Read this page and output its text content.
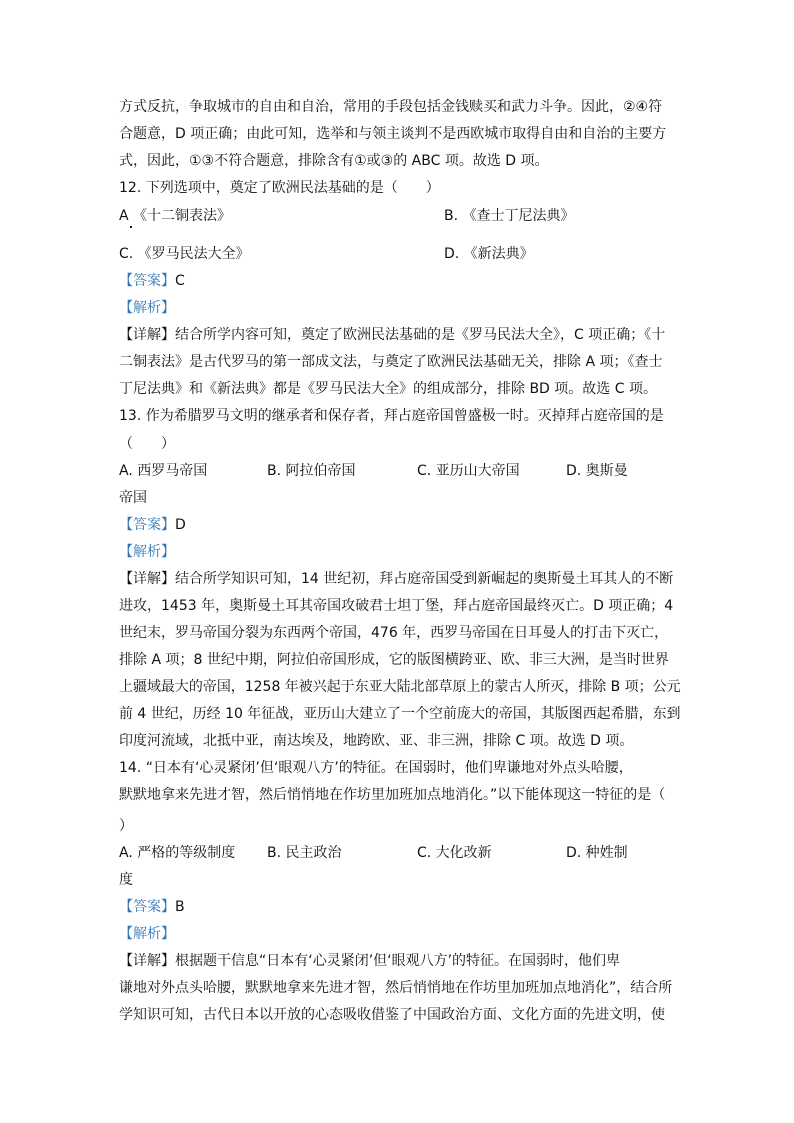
方式反抗，争取城市的自由和自治，常用的手段包括金钱赎买和武力斗争。因此，②④符
合题意，D 项正确；由此可知，选举和与领主谈判不是西欧城市取得自由和自治的主要方
式，因此，①③不符合题意，排除含有①或③的 ABC 项。故选 D 项。
12. 下列选项中，奠定了欧洲民法基础的是（　　）
A 《十二铜表法》	B. 《查士丁尼法典》
C. 《罗马民法大全》	D. 《新法典》
【答案】C
【解析】
【详解】结合所学内容可知，奠定了欧洲民法基础的是《罗马民法大全》，C 项正确；《十
二铜表法》是古代罗马的第一部成文法，与奠定了欧洲民法基础无关，排除 A 项；《查士
丁尼法典》和《新法典》都是《罗马民法大全》的组成部分，排除 BD 项。故选 C 项。
13. 作为希腊罗马文明的继承者和保存者，拜占庭帝国曾盛极一时。灭掉拜占庭帝国的是
（　　）
A. 西罗马帝国	B. 阿拉伯帝国	C. 亚历山大帝国	D. 奥斯曼
帝国
【答案】D
【解析】
【详解】结合所学知识可知，14 世纪初，拜占庭帝国受到新崛起的奥斯曼土耳其人的不断
进攻，1453 年，奥斯曼土耳其帝国攻破君士坦丁堡，拜占庭帝国最终灭亡。D 项正确；4
世纪末，罗马帝国分裂为东西两个帝国，476 年，西罗马帝国在日耳曼人的打击下灭亡，
排除 A 项；8 世纪中期，阿拉伯帝国形成，它的版图横跨亚、欧、非三大洲，是当时世界
上疆域最大的帝国，1258 年被兴起于东亚大陆北部草原上的蒙古人所灭，排除 B 项；公元
前 4 世纪，历经 10 年征战，亚历山大建立了一个空前庞大的帝国，其版图西起希腊，东到
印度河流域，北抵中亚，南达埃及，地跨欧、亚、非三洲，排除 C 项。故选 D 项。
14. “日本有‘心灵紧闭’但‘眼观八方’的特征。在国弱时，他们卑谦地对外点头哈腰，
默默地拿来先进才智，然后悄悄地在作坊里加班加点地消化。”以下能体现这一特征的是（
）
A. 严格的等级制度 B. 民主政治	C. 大化改新	D. 种姓制
度
【答案】B
【解析】
【详解】根据题干信息“日本有‘心灵紧闭’但‘眼观八方’的特征。在国弱时，他们卑
谦地对外点头哈腰，默默地拿来先进才智，然后悄悄地在作坊里加班加点地消化”，结合所
学知识可知，古代日本以开放的心态吸收借鉴了中国政治方面、文化方面的先进文明，使
